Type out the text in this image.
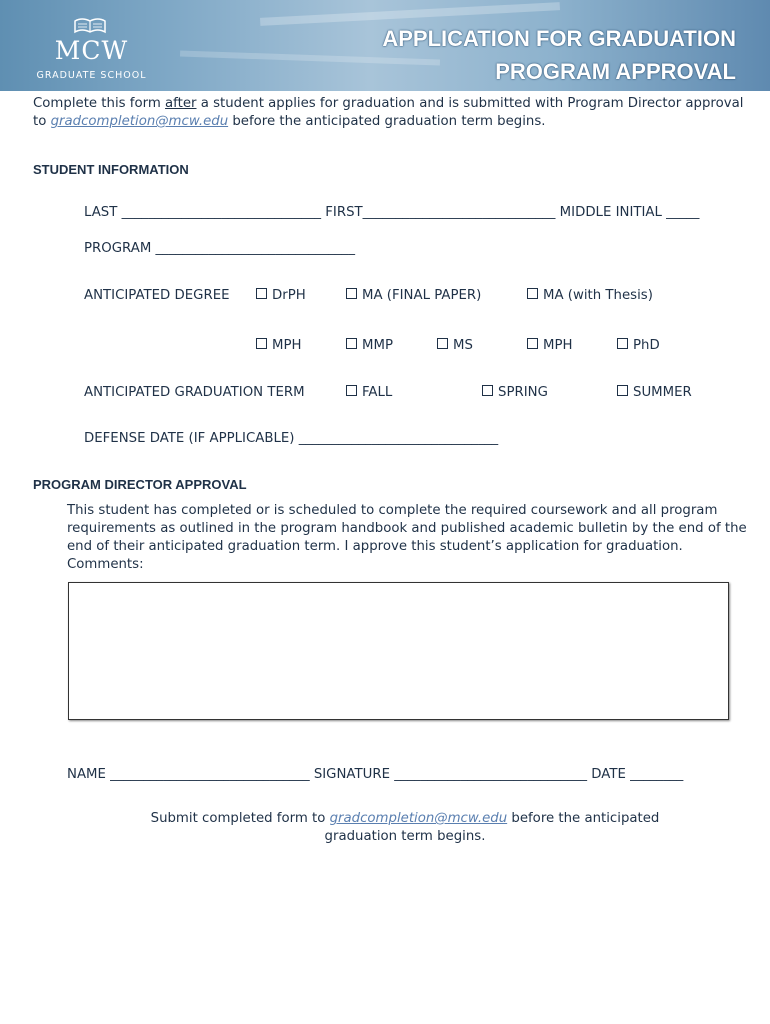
MCW
GRADUATE SCHOOL
APPLICATION FOR GRADUATION
PROGRAM APPROVAL
Complete this form after a student applies for graduation and is submitted with Program Director approval to gradcompletion@mcw.edu before the anticipated graduation term begins.
STUDENT INFORMATION
LAST ______________________________ FIRST_____________________________ MIDDLE INITIAL _____
PROGRAM ______________________________
ANTICIPATED DEGREE	DrPH	MA (FINAL PAPER)	MA (with Thesis)
MPH	MMP	MS	MPH	PhD
ANTICIPATED GRADUATION TERM	FALL	SPRING	SUMMER
DEFENSE DATE (IF APPLICABLE) ______________________________
PROGRAM DIRECTOR APPROVAL
This student has completed or is scheduled to complete the required coursework and all program requirements as outlined in the program handbook and published academic bulletin by the end of the end of their anticipated graduation term. I approve this student’s application for graduation.
Comments:
NAME ______________________________ SIGNATURE _____________________________ DATE ________
Submit completed form to gradcompletion@mcw.edu before the anticipated graduation term begins.
